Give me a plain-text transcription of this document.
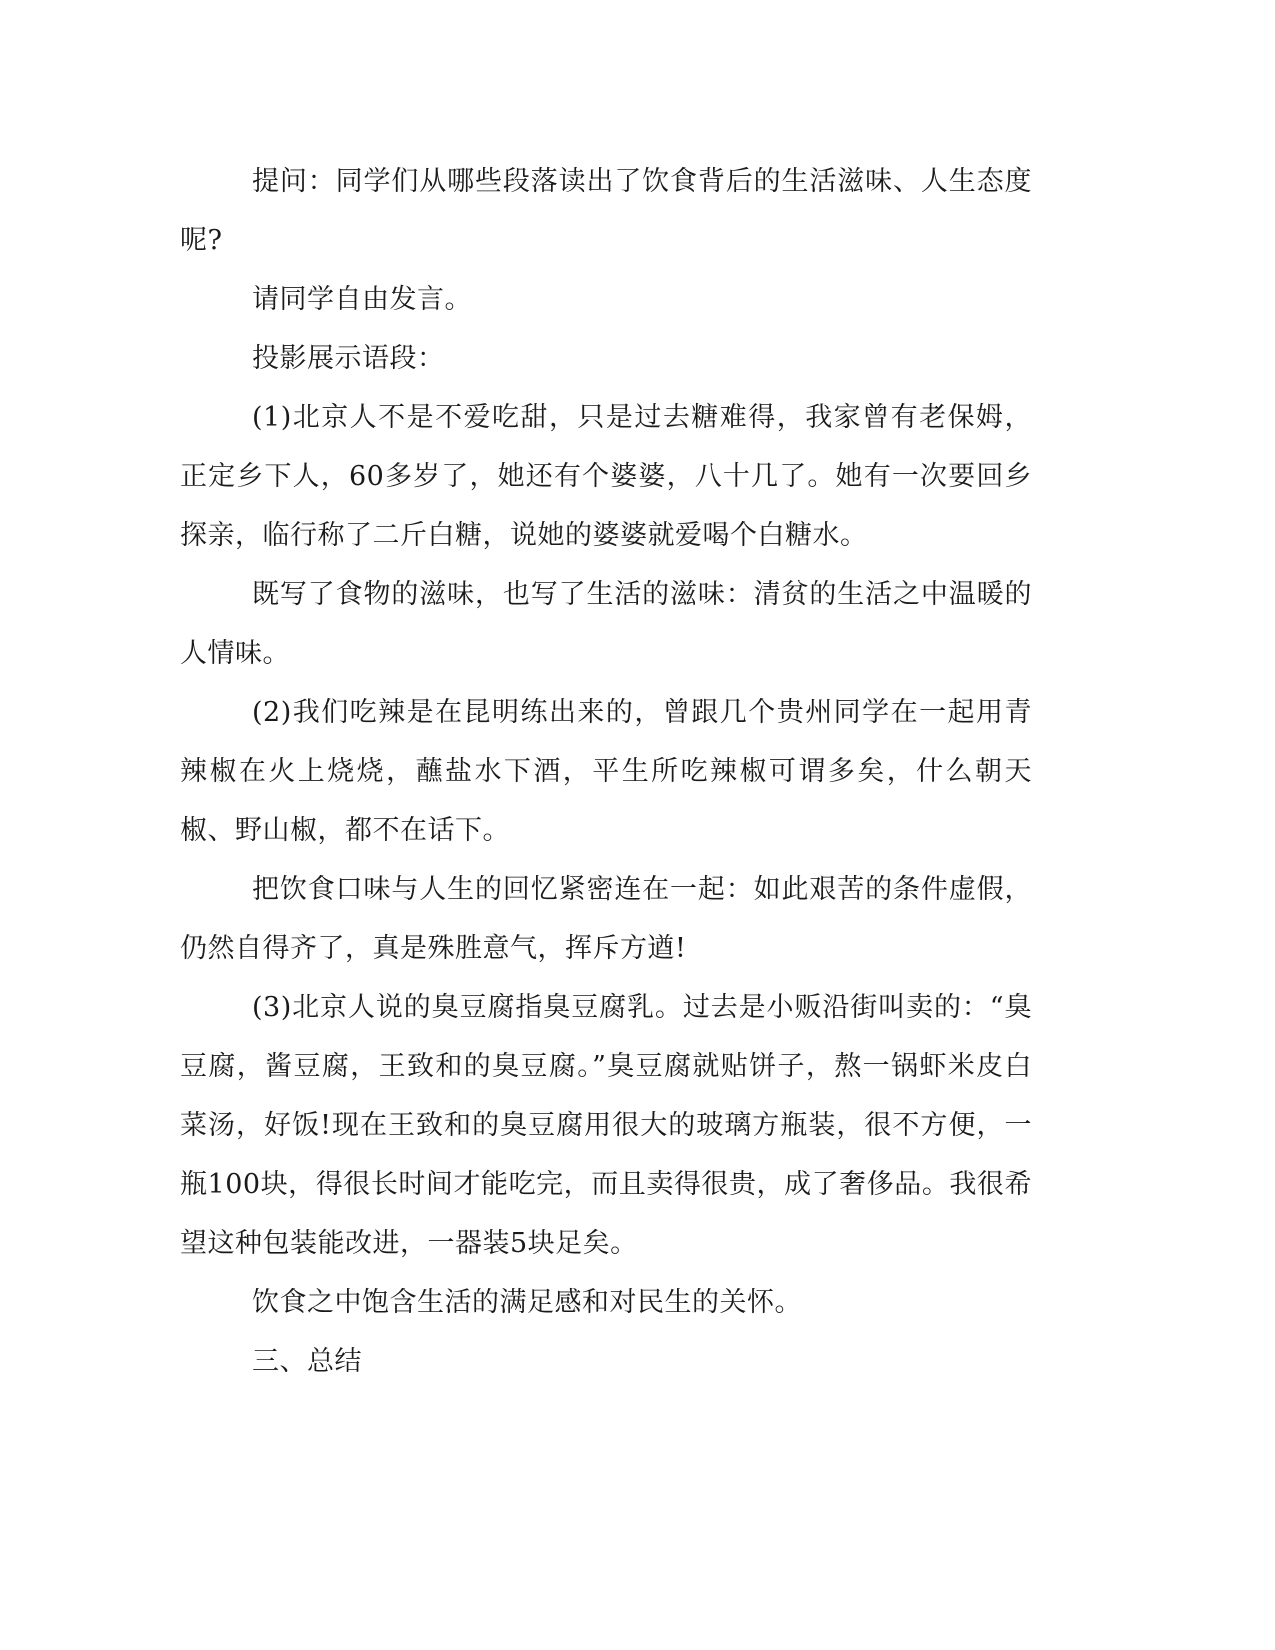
提问：同学们从哪些段落读出了饮食背后的生活滋味、人生态度呢?

请同学自由发言。

投影展示语段：

(1)北京人不是不爱吃甜，只是过去糖难得，我家曾有老保姆，正定乡下人，60多岁了，她还有个婆婆，八十几了。她有一次要回乡探亲，临行称了二斤白糖，说她的婆婆就爱喝个白糖水。

既写了食物的滋味，也写了生活的滋味：清贫的生活之中温暖的人情味。

(2)我们吃辣是在昆明练出来的，曾跟几个贵州同学在一起用青辣椒在火上烧烧，蘸盐水下酒，平生所吃辣椒可谓多矣，什么朝天椒、野山椒，都不在话下。

把饮食口味与人生的回忆紧密连在一起：如此艰苦的条件虚假，仍然自得齐了，真是殊胜意气，挥斥方遒!

(3)北京人说的臭豆腐指臭豆腐乳。过去是小贩沿街叫卖的：“臭豆腐，酱豆腐，王致和的臭豆腐。”臭豆腐就贴饼子，熬一锅虾米皮白菜汤，好饭!现在王致和的臭豆腐用很大的玻璃方瓶装，很不方便，一瓶100块，得很长时间才能吃完，而且卖得很贵，成了奢侈品。我很希望这种包装能改进，一器装5块足矣。

饮食之中饱含生活的满足感和对民生的关怀。

三、总结
